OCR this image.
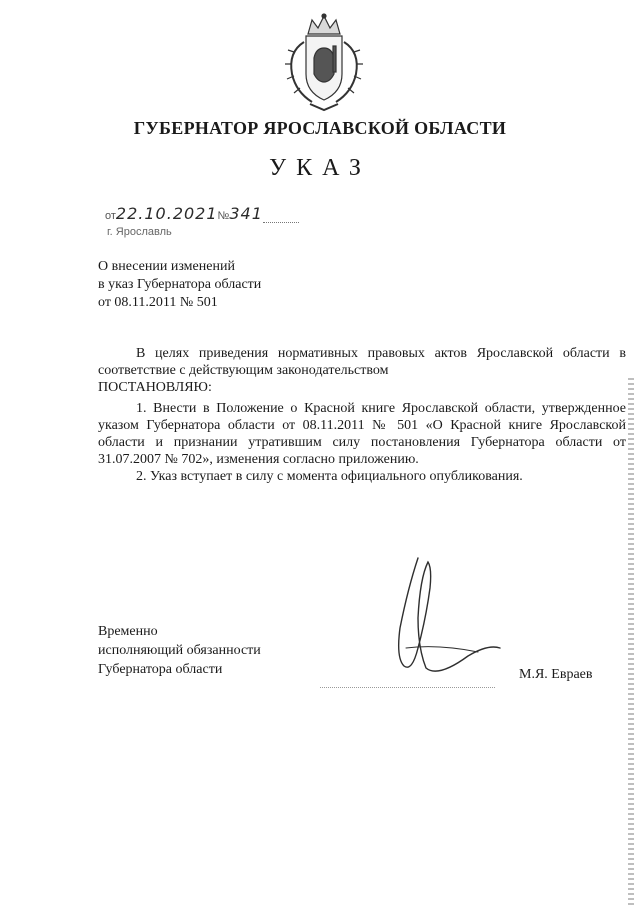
ГУБЕРНАТОР ЯРОСЛАВСКОЙ ОБЛАСТИ
УКАЗ
от22.10.2021№341
г. Ярославль
О внесении изменений
в указ Губернатора области
от 08.11.2011 № 501
В целях приведения нормативных правовых актов Ярославской области в соответствие с действующим законодательством
ПОСТАНОВЛЯЮ:

1. Внести в Положение о Красной книге Ярославской области, утвержденное указом Губернатора области от 08.11.2011 № 501 «О Красной книге Ярославской области и признании утратившим силу постановления Губернатора области от 31.07.2007 № 702», изменения согласно приложению.

2. Указ вступает в силу с момента официального опубликования.

Временно
исполняющий обязанности
Губернатора области	М.Я. Евраев
